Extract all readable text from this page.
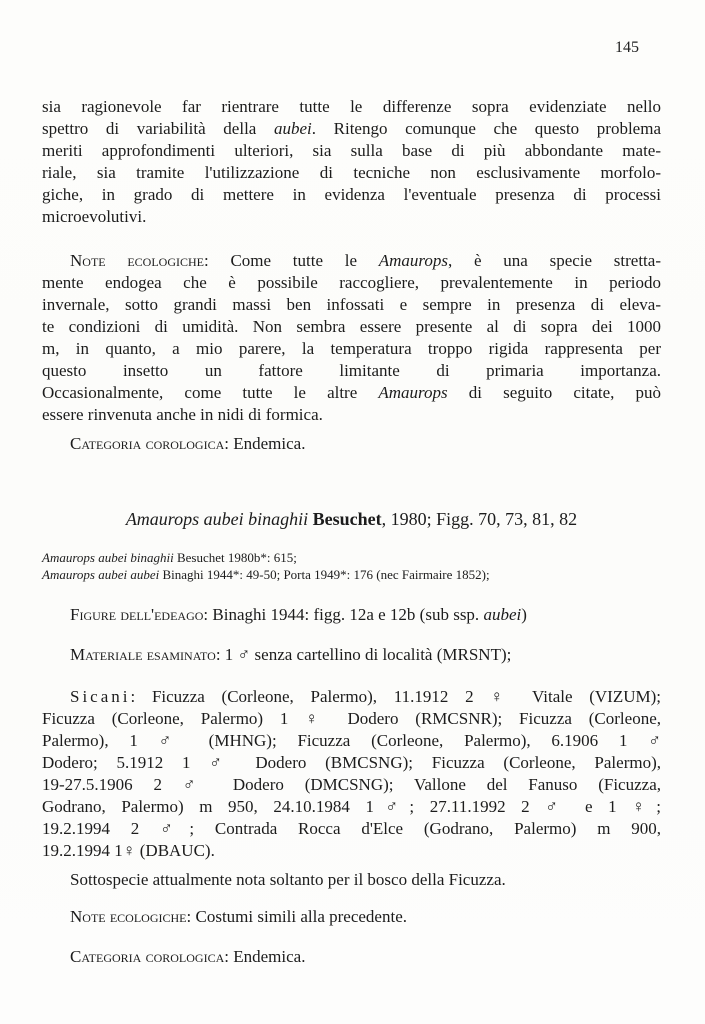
145
sia ragionevole far rientrare tutte le differenze sopra evidenziate nello
spettro di variabilità della aubei. Ritengo comunque che questo problema
meriti approfondimenti ulteriori, sia sulla base di più abbondante mate-
riale, sia tramite l'utilizzazione di tecniche non esclusivamente morfolo-
giche, in grado di mettere in evidenza l'eventuale presenza di processi
microevolutivi.
Note ecologiche: Come tutte le Amaurops, è una specie stretta-
mente endogea che è possibile raccogliere, prevalentemente in periodo
invernale, sotto grandi massi ben infossati e sempre in presenza di eleva-
te condizioni di umidità. Non sembra essere presente al di sopra dei 1000
m, in quanto, a mio parere, la temperatura troppo rigida rappresenta per
questo insetto un fattore limitante di primaria importanza.
Occasionalmente, come tutte le altre Amaurops di seguito citate, può
essere rinvenuta anche in nidi di formica.
Categoria corologica: Endemica.
Amaurops aubei binaghii Besuchet, 1980; Figg. 70, 73, 81, 82
Amaurops aubei binaghii Besuchet 1980b*: 615;
Amaurops aubei aubei Binaghi 1944*: 49-50; Porta 1949*: 176 (nec Fairmaire 1852);
Figure dell'edeago: Binaghi 1944: figg. 12a e 12b (sub ssp. aubei)
Materiale esaminato: 1 ♂ senza cartellino di località (MRSNT);
Sicani: Ficuzza (Corleone, Palermo), 11.1912 2 ♀ Vitale (VIZUM);
Ficuzza (Corleone, Palermo) 1 ♀ Dodero (RMCSNR); Ficuzza (Corleone,
Palermo), 1 ♂ (MHNG); Ficuzza (Corleone, Palermo), 6.1906 1 ♂
Dodero; 5.1912 1 ♂ Dodero (BMCSNG); Ficuzza (Corleone, Palermo),
19-27.5.1906 2 ♂ Dodero (DMCSNG); Vallone del Fanuso (Ficuzza,
Godrano, Palermo) m 950, 24.10.1984 1♂; 27.11.1992 2 ♂ e 1 ♀;
19.2.1994 2 ♂; Contrada Rocca d'Elce (Godrano, Palermo) m 900,
19.2.1994 1♀ (DBAUC).
Sottospecie attualmente nota soltanto per il bosco della Ficuzza.
Note ecologiche: Costumi simili alla precedente.
Categoria corologica: Endemica.
